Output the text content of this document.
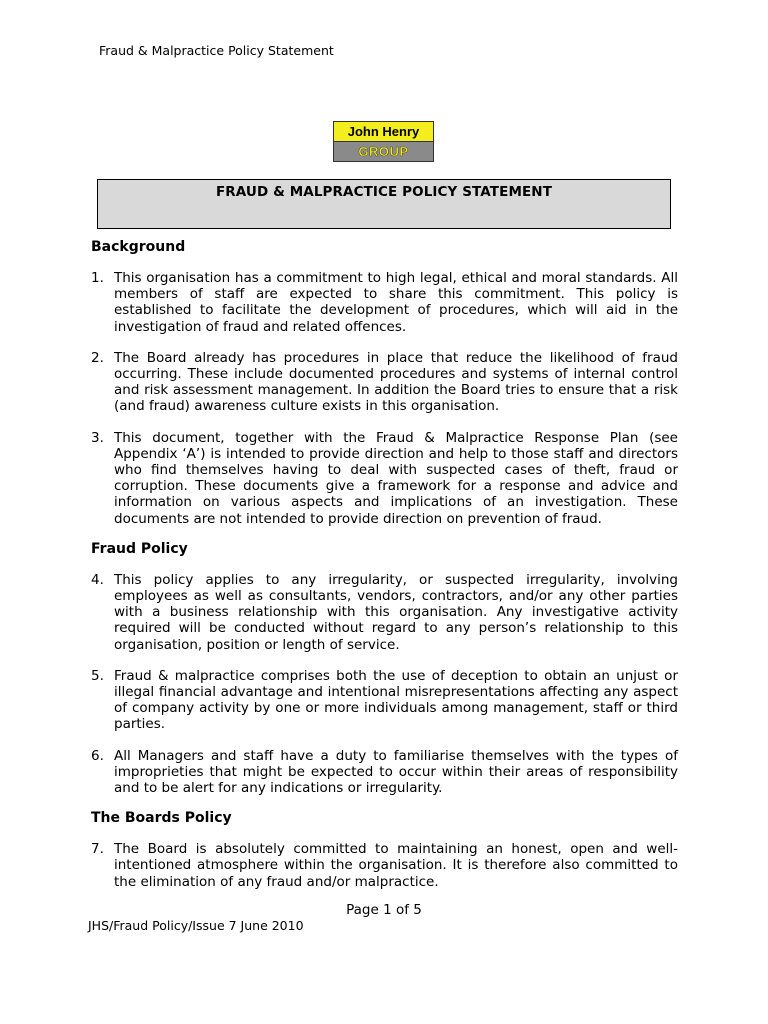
Fraud & Malpractice Policy Statement
John Henry
GROUP
FRAUD & MALPRACTICE POLICY STATEMENT
Background
1. This organisation has a commitment to high legal, ethical and moral standards. All members of staff are expected to share this commitment. This policy is established to facilitate the development of procedures, which will aid in the investigation of fraud and related offences.
2. The Board already has procedures in place that reduce the likelihood of fraud occurring. These include documented procedures and systems of internal control and risk assessment management. In addition the Board tries to ensure that a risk (and fraud) awareness culture exists in this organisation.
3. This document, together with the Fraud & Malpractice Response Plan (see Appendix ‘A’) is intended to provide direction and help to those staff and directors who find themselves having to deal with suspected cases of theft, fraud or corruption. These documents give a framework for a response and advice and information on various aspects and implications of an investigation. These documents are not intended to provide direction on prevention of fraud.
Fraud Policy
4. This policy applies to any irregularity, or suspected irregularity, involving employees as well as consultants, vendors, contractors, and/or any other parties with a business relationship with this organisation. Any investigative activity required will be conducted without regard to any person’s relationship to this organisation, position or length of service.
5. Fraud & malpractice comprises both the use of deception to obtain an unjust or illegal financial advantage and intentional misrepresentations affecting any aspect of company activity by one or more individuals among management, staff or third parties.
6. All Managers and staff have a duty to familiarise themselves with the types of improprieties that might be expected to occur within their areas of responsibility and to be alert for any indications or irregularity.
The Boards Policy
7. The Board is absolutely committed to maintaining an honest, open and well-intentioned atmosphere within the organisation. It is therefore also committed to the elimination of any fraud and/or malpractice.
Page 1 of 5
JHS/Fraud Policy/Issue 7 June 2010
